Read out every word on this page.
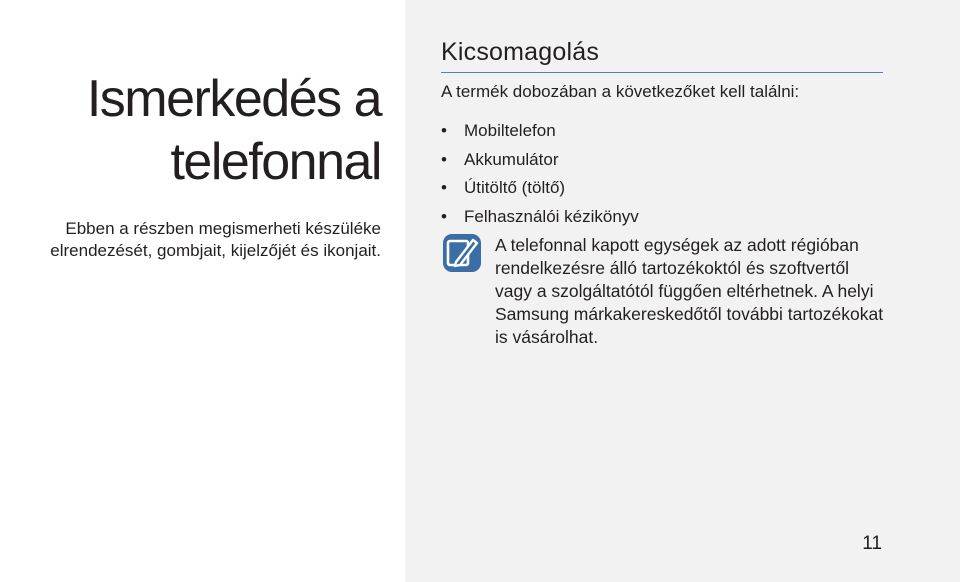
Ismerkedés a
telefonnal

Ebben a részben megismerheti készüléke elrendezését, gombjait, kijelzőjét és ikonjait.

Kicsomagolás

A termék dobozában a következőket kell találni:

•	Mobiltelefon
•	Akkumulátor
•	Útitöltő (töltő)
•	Felhasználói kézikönyv

A telefonnal kapott egységek az adott régióban rendelkezésre álló tartozékoktól és szoftvertől vagy a szolgáltatótól függően eltérhetnek. A helyi Samsung márkakereskedőtől további tartozékokat is vásárolhat.

11
